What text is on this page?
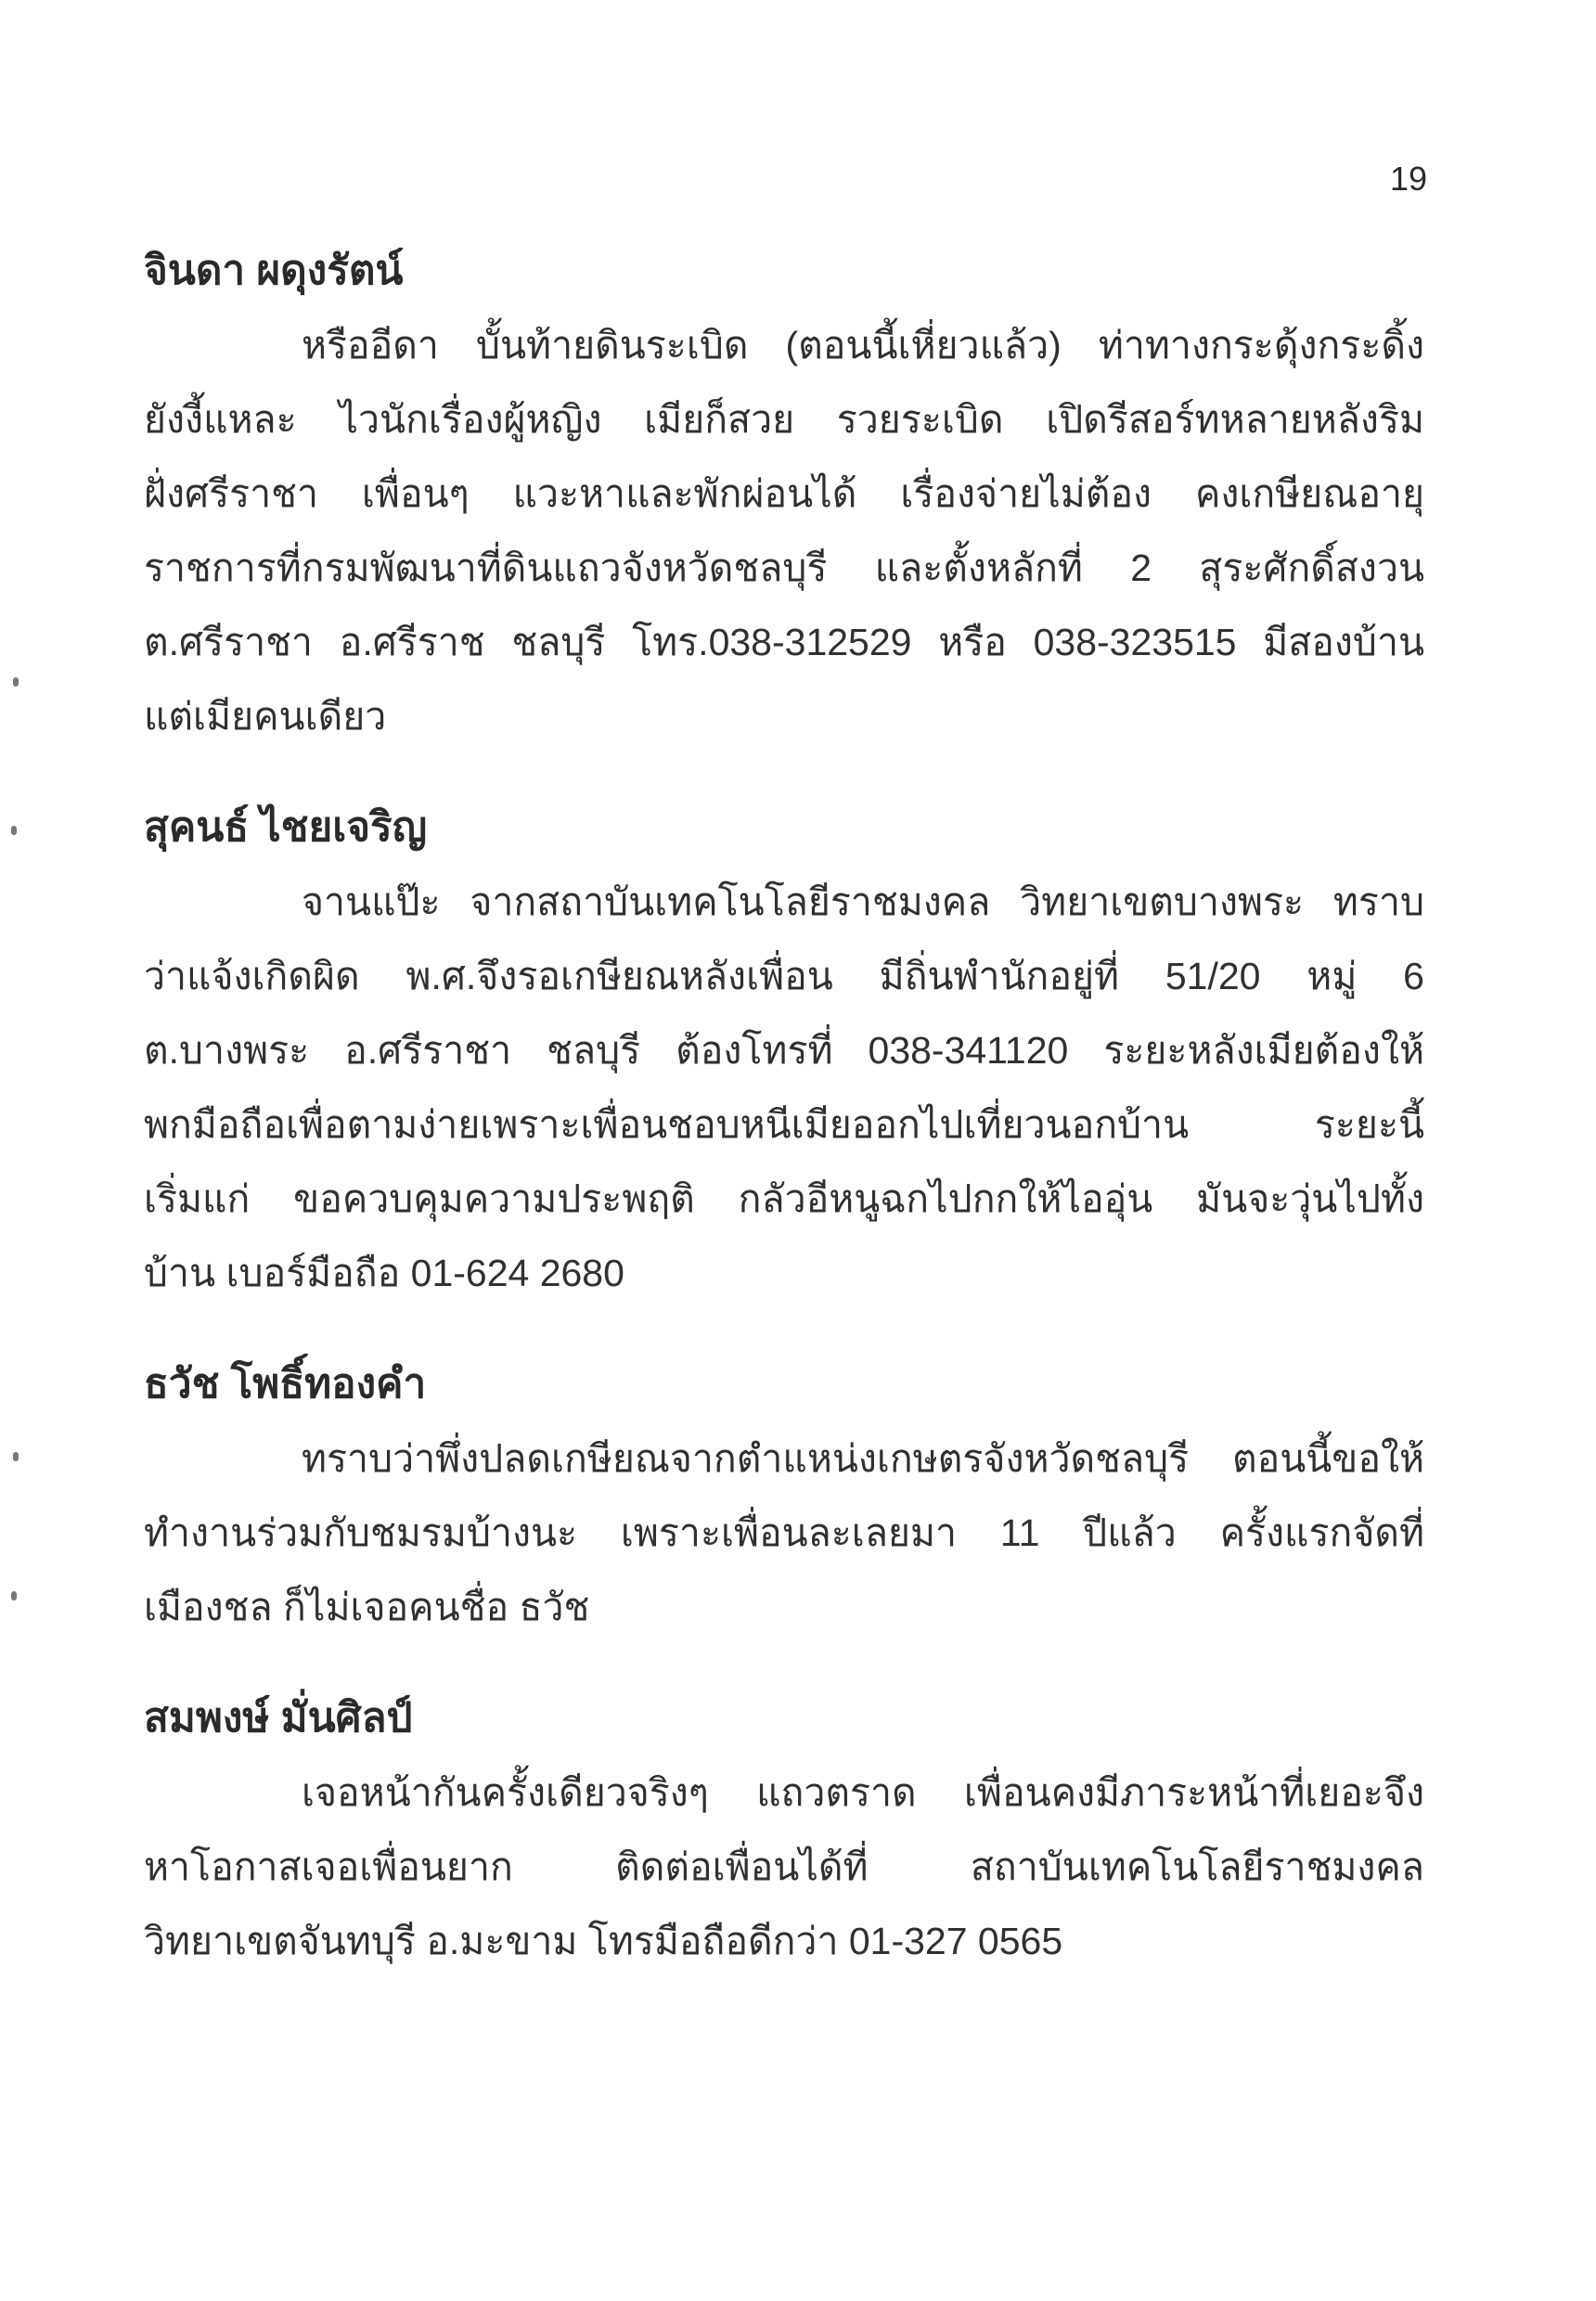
19
จินดา ผดุงรัตน์

หรืออีดา บั้นท้ายดินระเบิด (ตอนนี้เหี่ยวแล้ว) ท่าทางกระดุ้งกระดิ้ง
ยังงี้แหละ ไวนักเรื่องผู้หญิง เมียก็สวย รวยระเบิด เปิดรีสอร์ทหลายหลังริม
ฝั่งศรีราชา เพื่อนๆ แวะหาและพักผ่อนได้ เรื่องจ่ายไม่ต้อง คงเกษียณอายุ
ราชการที่กรมพัฒนาที่ดินแถวจังหวัดชลบุรี และตั้งหลักที่ 2 สุระศักดิ์สงวน
ต.ศรีราชา อ.ศรีราช ชลบุรี โทร.038-312529 หรือ 038-323515 มีสองบ้าน
แต่เมียคนเดียว

สุคนธ์ ไชยเจริญ

จานแป๊ะ จากสถาบันเทคโนโลยีราชมงคล วิทยาเขตบางพระ ทราบ
ว่าแจ้งเกิดผิด พ.ศ.จึงรอเกษียณหลังเพื่อน มีถิ่นพำนักอยู่ที่ 51/20 หมู่ 6
ต.บางพระ อ.ศรีราชา ชลบุรี ต้องโทรที่ 038-341120 ระยะหลังเมียต้องให้
พกมือถือเพื่อตามง่ายเพราะเพื่อนชอบหนีเมียออกไปเที่ยวนอกบ้าน ระยะนี้
เริ่มแก่ ขอควบคุมความประพฤติ กลัวอีหนูฉกไปกกให้ไออุ่น มันจะวุ่นไปทั้ง
บ้าน เบอร์มือถือ 01-624 2680

ธวัช โพธิ์ทองคำ

ทราบว่าพึ่งปลดเกษียณจากตำแหน่งเกษตรจังหวัดชลบุรี ตอนนี้ขอให้
ทำงานร่วมกับชมรมบ้างนะ เพราะเพื่อนละเลยมา 11 ปีแล้ว ครั้งแรกจัดที่
เมืองชล ก็ไม่เจอคนชื่อ ธวัช

สมพงษ์ มั่นศิลป์

เจอหน้ากันครั้งเดียวจริงๆ แถวตราด เพื่อนคงมีภาระหน้าที่เยอะจึง
หาโอกาสเจอเพื่อนยาก ติดต่อเพื่อนได้ที่ สถาบันเทคโนโลยีราชมงคล
วิทยาเขตจันทบุรี อ.มะขาม โทรมือถือดีกว่า 01-327 0565
